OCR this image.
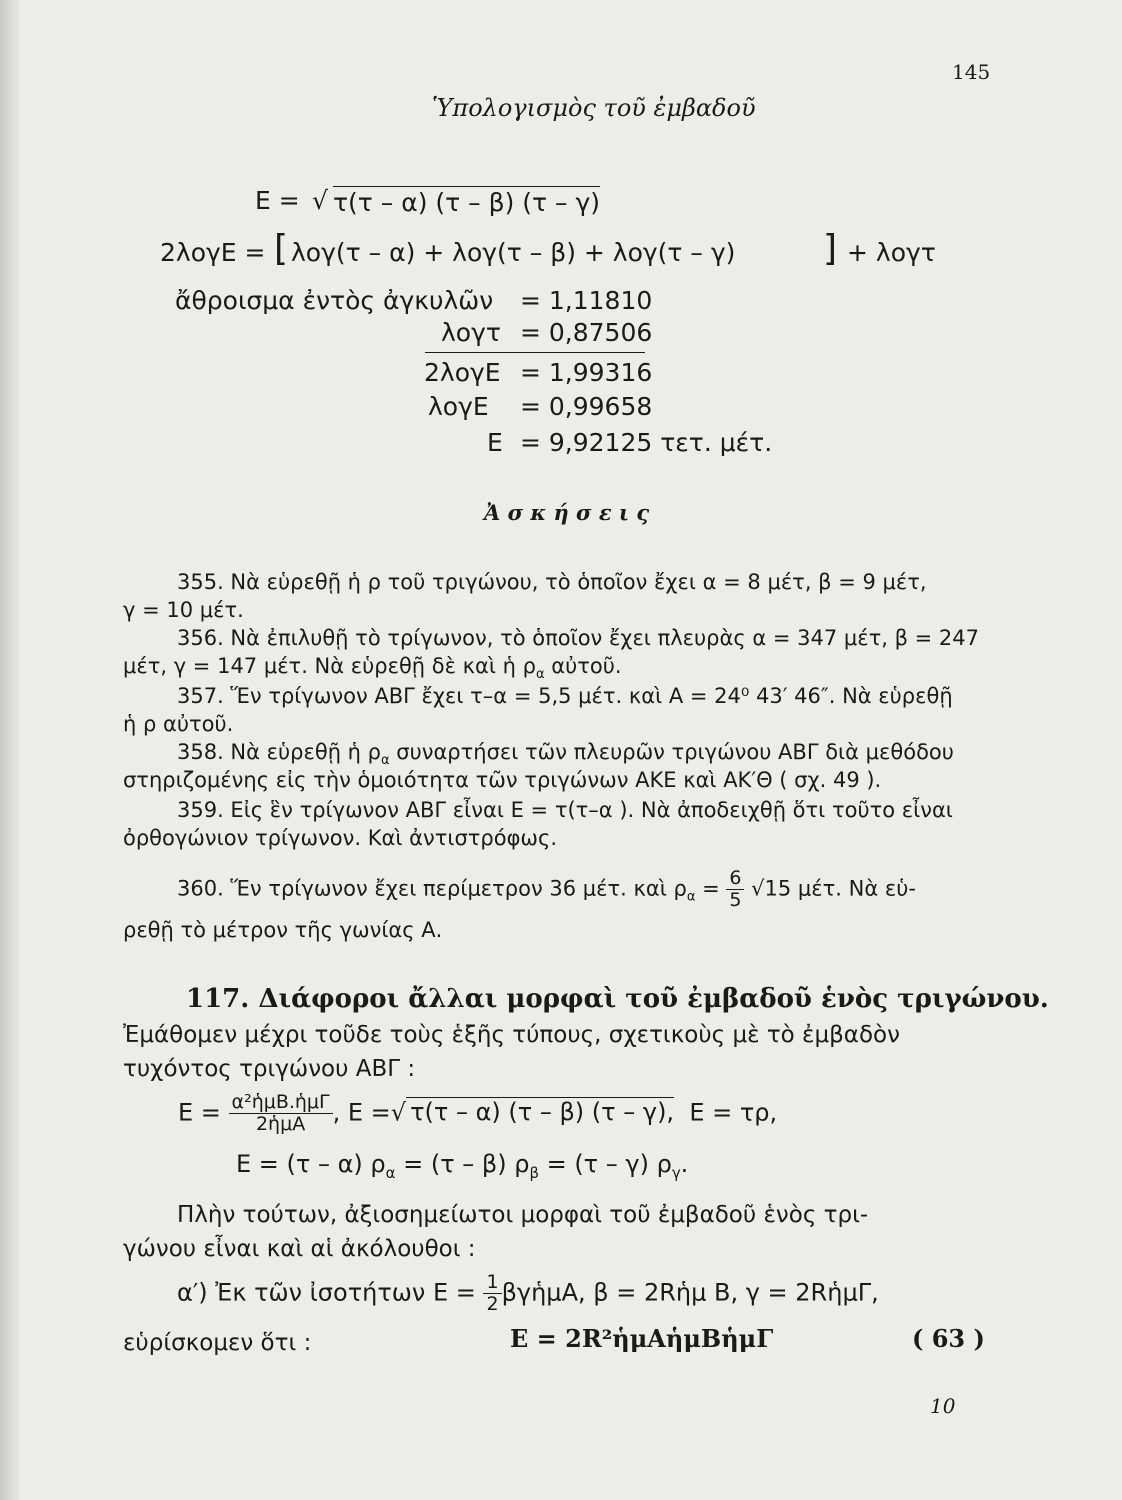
145
Ὑπολογισμὸς τοῦ ἐμβαδοῦ
E = √ τ(τ – α) (τ – β) (τ – γ)
2λογE = [ λογ(τ – α) + λογ(τ – β) + λογ(τ – γ) ] + λογτ
ἄθροισμα ἐντὸς ἀγκυλῶν = 1,11810
λογτ = 0,87506
2λογE = 1,99316
λογE = 0,99658
E = 9,92125 τετ. μέτ.
Ἀ σ κ ή σ ε ι ς
355. Νὰ εὑρεθῇ ἡ ρ τοῦ τριγώνου, τὸ ὁποῖον ἔχει α = 8 μέτ, β = 9 μέτ,
γ = 10 μέτ.
356. Νὰ ἐπιλυθῇ τὸ τρίγωνον, τὸ ὁποῖον ἔχει πλευρὰς α = 347 μέτ, β = 247
μέτ, γ = 147 μέτ. Νὰ εὑρεθῇ δὲ καὶ ἡ $\rho_\alpha$ αὐτοῦ.
357. Ἕν τρίγωνον ΑΒΓ ἔχει τ–α = 5,5 μέτ. καὶ Α = 24⁰ 43′ 46″. Νὰ εὑρεθῇ
ἡ ρ αὐτοῦ.
358. Νὰ εὑρεθῇ ἡ $\rho_\alpha$ συναρτήσει τῶν πλευρῶν τριγώνου ΑΒΓ διὰ μεθόδου
στηριζομένης εἰς τὴν ὁμοιότητα τῶν τριγώνων ΑΚΕ καὶ ΑΚ′Θ ( σχ. 49 ).
359. Εἰς ἓν τρίγωνον ΑΒΓ εἶναι Ε = τ(τ–α ). Νὰ ἀποδειχθῇ ὅτι τοῦτο εἶναι
ὀρθογώνιον τρίγωνον. Καὶ ἀντιστρόφως.
360. Ἕν τρίγωνον ἔχει περίμετρον 36 μέτ. καὶ $\rho_\alpha = \frac{6}{5} √15$ μέτ. Νὰ εὑ-
ρεθῇ τὸ μέτρον τῆς γωνίας Α.
117. Διάφοροι ἄλλαι μορφαὶ τοῦ ἐμβαδοῦ ἑνὸς τριγώνου.
Ἐμάθομεν μέχρι τοῦδε τοὺς ἑξῆς τύπους, σχετικοὺς μὲ τὸ ἐμβαδὸν
τυχόντος τριγώνου ΑΒΓ :
$E = \frac{\text{α²ἡμΒ.ἡμΓ}}{\text{2ἡμΑ}}$ , E =√ τ(τ – α) (τ – β) (τ – γ), E = τρ,
E = (τ – α) $\rho_\alpha = (\tau - \beta) \rho_\beta = (\tau - \gamma)$ $\rho_\gamma$.
Πλὴν τούτων, ἀξιοσημείωτοι μορφαὶ τοῦ ἐμβαδοῦ ἑνὸς τρι-
γώνου εἶναι καὶ αἱ ἀκόλουθοι :
α′) Ἐκ τῶν ἰσοτήτων $E = \frac{1}{2}$ βγἡμΑ, β = 2Rἡμ Β, γ = 2RἡμΓ,
εὑρίσκομεν ὅτι :	E = 2R²ἡμΑἡμΒἡμΓ	( 63 )
10
